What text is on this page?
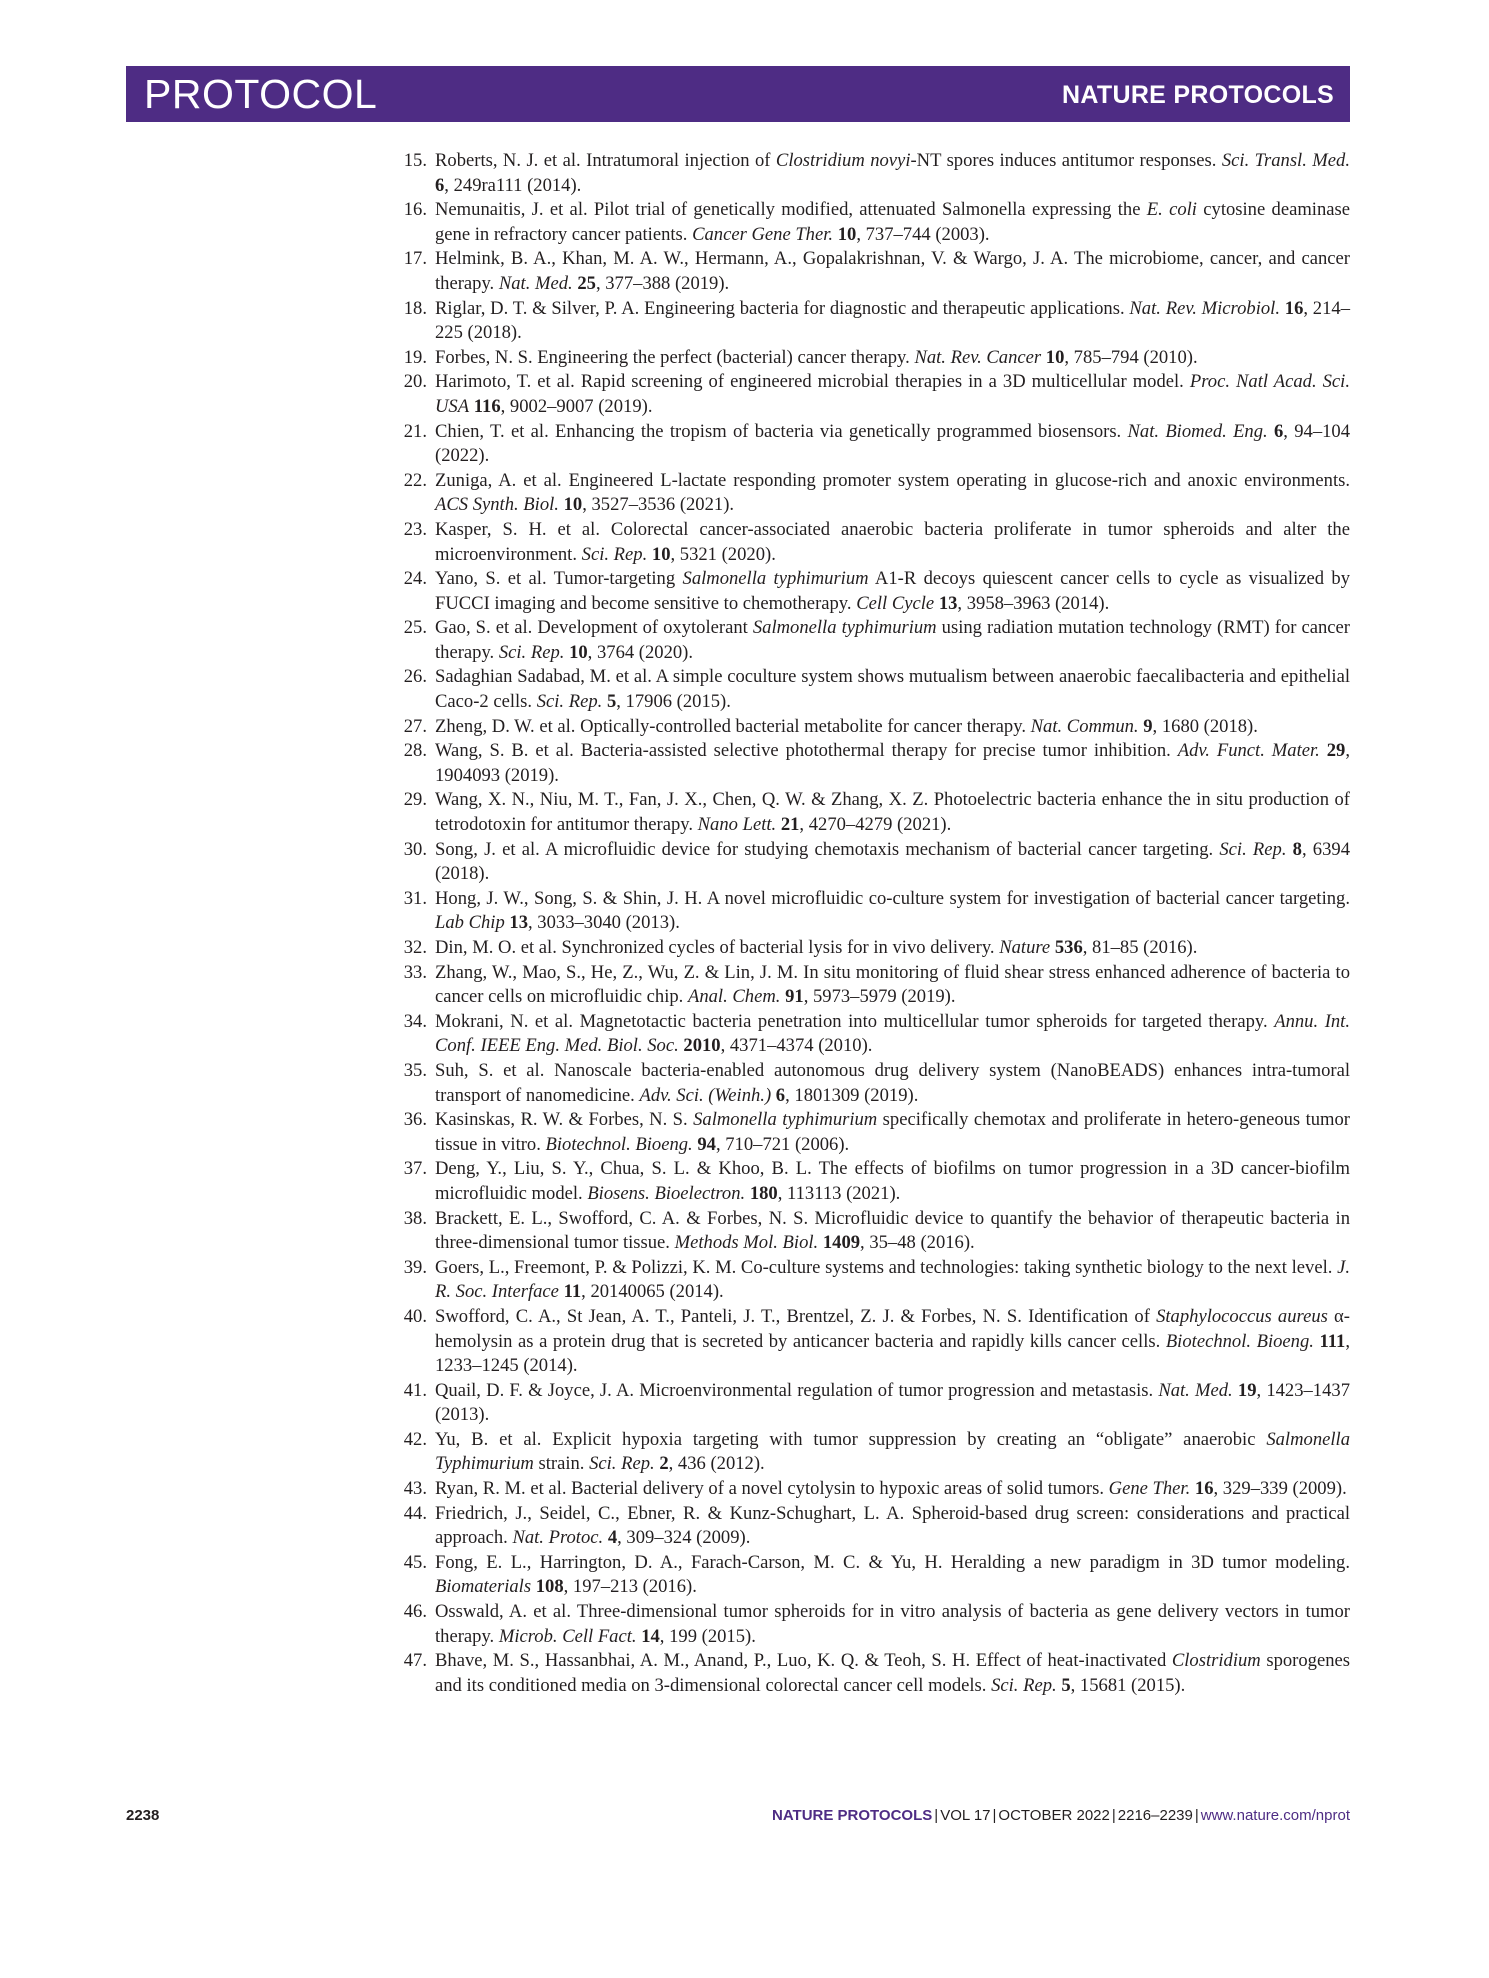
PROTOCOL	NATURE PROTOCOLS
15. Roberts, N. J. et al. Intratumoral injection of Clostridium novyi-NT spores induces antitumor responses. Sci. Transl. Med. 6, 249ra111 (2014).
16. Nemunaitis, J. et al. Pilot trial of genetically modified, attenuated Salmonella expressing the E. coli cytosine deaminase gene in refractory cancer patients. Cancer Gene Ther. 10, 737–744 (2003).
17. Helmink, B. A., Khan, M. A. W., Hermann, A., Gopalakrishnan, V. & Wargo, J. A. The microbiome, cancer, and cancer therapy. Nat. Med. 25, 377–388 (2019).
18. Riglar, D. T. & Silver, P. A. Engineering bacteria for diagnostic and therapeutic applications. Nat. Rev. Microbiol. 16, 214–225 (2018).
19. Forbes, N. S. Engineering the perfect (bacterial) cancer therapy. Nat. Rev. Cancer 10, 785–794 (2010).
20. Harimoto, T. et al. Rapid screening of engineered microbial therapies in a 3D multicellular model. Proc. Natl Acad. Sci. USA 116, 9002–9007 (2019).
21. Chien, T. et al. Enhancing the tropism of bacteria via genetically programmed biosensors. Nat. Biomed. Eng. 6, 94–104 (2022).
22. Zuniga, A. et al. Engineered L-lactate responding promoter system operating in glucose-rich and anoxic environments. ACS Synth. Biol. 10, 3527–3536 (2021).
23. Kasper, S. H. et al. Colorectal cancer-associated anaerobic bacteria proliferate in tumor spheroids and alter the microenvironment. Sci. Rep. 10, 5321 (2020).
24. Yano, S. et al. Tumor-targeting Salmonella typhimurium A1-R decoys quiescent cancer cells to cycle as visualized by FUCCI imaging and become sensitive to chemotherapy. Cell Cycle 13, 3958–3963 (2014).
25. Gao, S. et al. Development of oxytolerant Salmonella typhimurium using radiation mutation technology (RMT) for cancer therapy. Sci. Rep. 10, 3764 (2020).
26. Sadaghian Sadabad, M. et al. A simple coculture system shows mutualism between anaerobic faecalibacteria and epithelial Caco-2 cells. Sci. Rep. 5, 17906 (2015).
27. Zheng, D. W. et al. Optically-controlled bacterial metabolite for cancer therapy. Nat. Commun. 9, 1680 (2018).
28. Wang, S. B. et al. Bacteria-assisted selective photothermal therapy for precise tumor inhibition. Adv. Funct. Mater. 29, 1904093 (2019).
29. Wang, X. N., Niu, M. T., Fan, J. X., Chen, Q. W. & Zhang, X. Z. Photoelectric bacteria enhance the in situ production of tetrodotoxin for antitumor therapy. Nano Lett. 21, 4270–4279 (2021).
30. Song, J. et al. A microfluidic device for studying chemotaxis mechanism of bacterial cancer targeting. Sci. Rep. 8, 6394 (2018).
31. Hong, J. W., Song, S. & Shin, J. H. A novel microfluidic co-culture system for investigation of bacterial cancer targeting. Lab Chip 13, 3033–3040 (2013).
32. Din, M. O. et al. Synchronized cycles of bacterial lysis for in vivo delivery. Nature 536, 81–85 (2016).
33. Zhang, W., Mao, S., He, Z., Wu, Z. & Lin, J. M. In situ monitoring of fluid shear stress enhanced adherence of bacteria to cancer cells on microfluidic chip. Anal. Chem. 91, 5973–5979 (2019).
34. Mokrani, N. et al. Magnetotactic bacteria penetration into multicellular tumor spheroids for targeted therapy. Annu. Int. Conf. IEEE Eng. Med. Biol. Soc. 2010, 4371–4374 (2010).
35. Suh, S. et al. Nanoscale bacteria-enabled autonomous drug delivery system (NanoBEADS) enhances intra-tumoral transport of nanomedicine. Adv. Sci. (Weinh.) 6, 1801309 (2019).
36. Kasinskas, R. W. & Forbes, N. S. Salmonella typhimurium specifically chemotax and proliferate in hetero-geneous tumor tissue in vitro. Biotechnol. Bioeng. 94, 710–721 (2006).
37. Deng, Y., Liu, S. Y., Chua, S. L. & Khoo, B. L. The effects of biofilms on tumor progression in a 3D cancer-biofilm microfluidic model. Biosens. Bioelectron. 180, 113113 (2021).
38. Brackett, E. L., Swofford, C. A. & Forbes, N. S. Microfluidic device to quantify the behavior of therapeutic bacteria in three-dimensional tumor tissue. Methods Mol. Biol. 1409, 35–48 (2016).
39. Goers, L., Freemont, P. & Polizzi, K. M. Co-culture systems and technologies: taking synthetic biology to the next level. J. R. Soc. Interface 11, 20140065 (2014).
40. Swofford, C. A., St Jean, A. T., Panteli, J. T., Brentzel, Z. J. & Forbes, N. S. Identification of Staphylococcus aureus α-hemolysin as a protein drug that is secreted by anticancer bacteria and rapidly kills cancer cells. Biotechnol. Bioeng. 111, 1233–1245 (2014).
41. Quail, D. F. & Joyce, J. A. Microenvironmental regulation of tumor progression and metastasis. Nat. Med. 19, 1423–1437 (2013).
42. Yu, B. et al. Explicit hypoxia targeting with tumor suppression by creating an “obligate” anaerobic Salmonella Typhimurium strain. Sci. Rep. 2, 436 (2012).
43. Ryan, R. M. et al. Bacterial delivery of a novel cytolysin to hypoxic areas of solid tumors. Gene Ther. 16, 329–339 (2009).
44. Friedrich, J., Seidel, C., Ebner, R. & Kunz-Schughart, L. A. Spheroid-based drug screen: considerations and practical approach. Nat. Protoc. 4, 309–324 (2009).
45. Fong, E. L., Harrington, D. A., Farach-Carson, M. C. & Yu, H. Heralding a new paradigm in 3D tumor modeling. Biomaterials 108, 197–213 (2016).
46. Osswald, A. et al. Three-dimensional tumor spheroids for in vitro analysis of bacteria as gene delivery vectors in tumor therapy. Microb. Cell Fact. 14, 199 (2015).
47. Bhave, M. S., Hassanbhai, A. M., Anand, P., Luo, K. Q. & Teoh, S. H. Effect of heat-inactivated Clostridium sporogenes and its conditioned media on 3-dimensional colorectal cancer cell models. Sci. Rep. 5, 15681 (2015).
2238	NATURE PROTOCOLS | VOL 17 | OCTOBER 2022 | 2216–2239 | www.nature.com/nprot
